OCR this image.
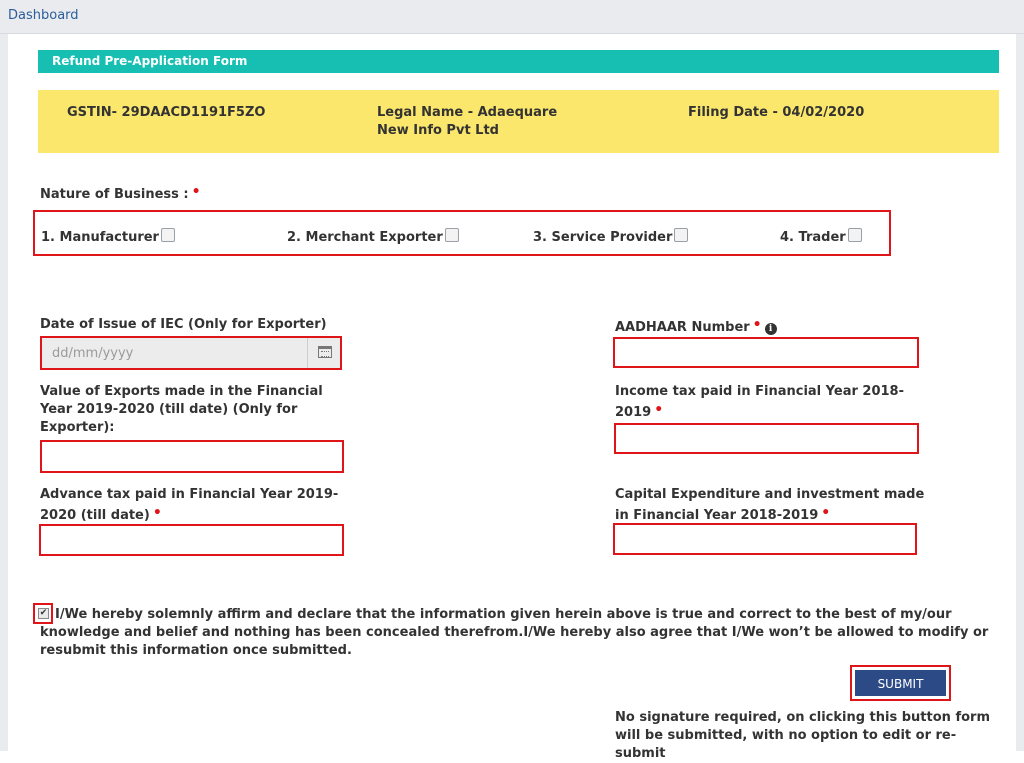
Dashboard
Refund Pre-Application Form
GSTIN- 29DAACD1191F5ZO	Legal Name - Adaequare
New Info Pvt Ltd
Filing Date - 04/02/2020
Nature of Business : •
1. Manufacturer	2. Merchant Exporter	3. Service Provider	4. Trader
Date of Issue of IEC (Only for Exporter)
dd/mm/yyyy
AADHAAR Number • i
Value of Exports made in the Financial
Year 2019-2020 (till date) (Only for
Exporter):
Income tax paid in Financial Year 2018-
2019 •
Advance tax paid in Financial Year 2019-
2020 (till date) •
Capital Expenditure and investment made
in Financial Year 2018-2019 •
✔ I/We hereby solemnly affirm and declare that the information given herein above is true and correct to the best of my/our
knowledge and belief and nothing has been concealed therefrom.I/We hereby also agree that I/We won’t be allowed to modify or
resubmit this information once submitted.
SUBMIT
No signature required, on clicking this button form
will be submitted, with no option to edit or re-submit
